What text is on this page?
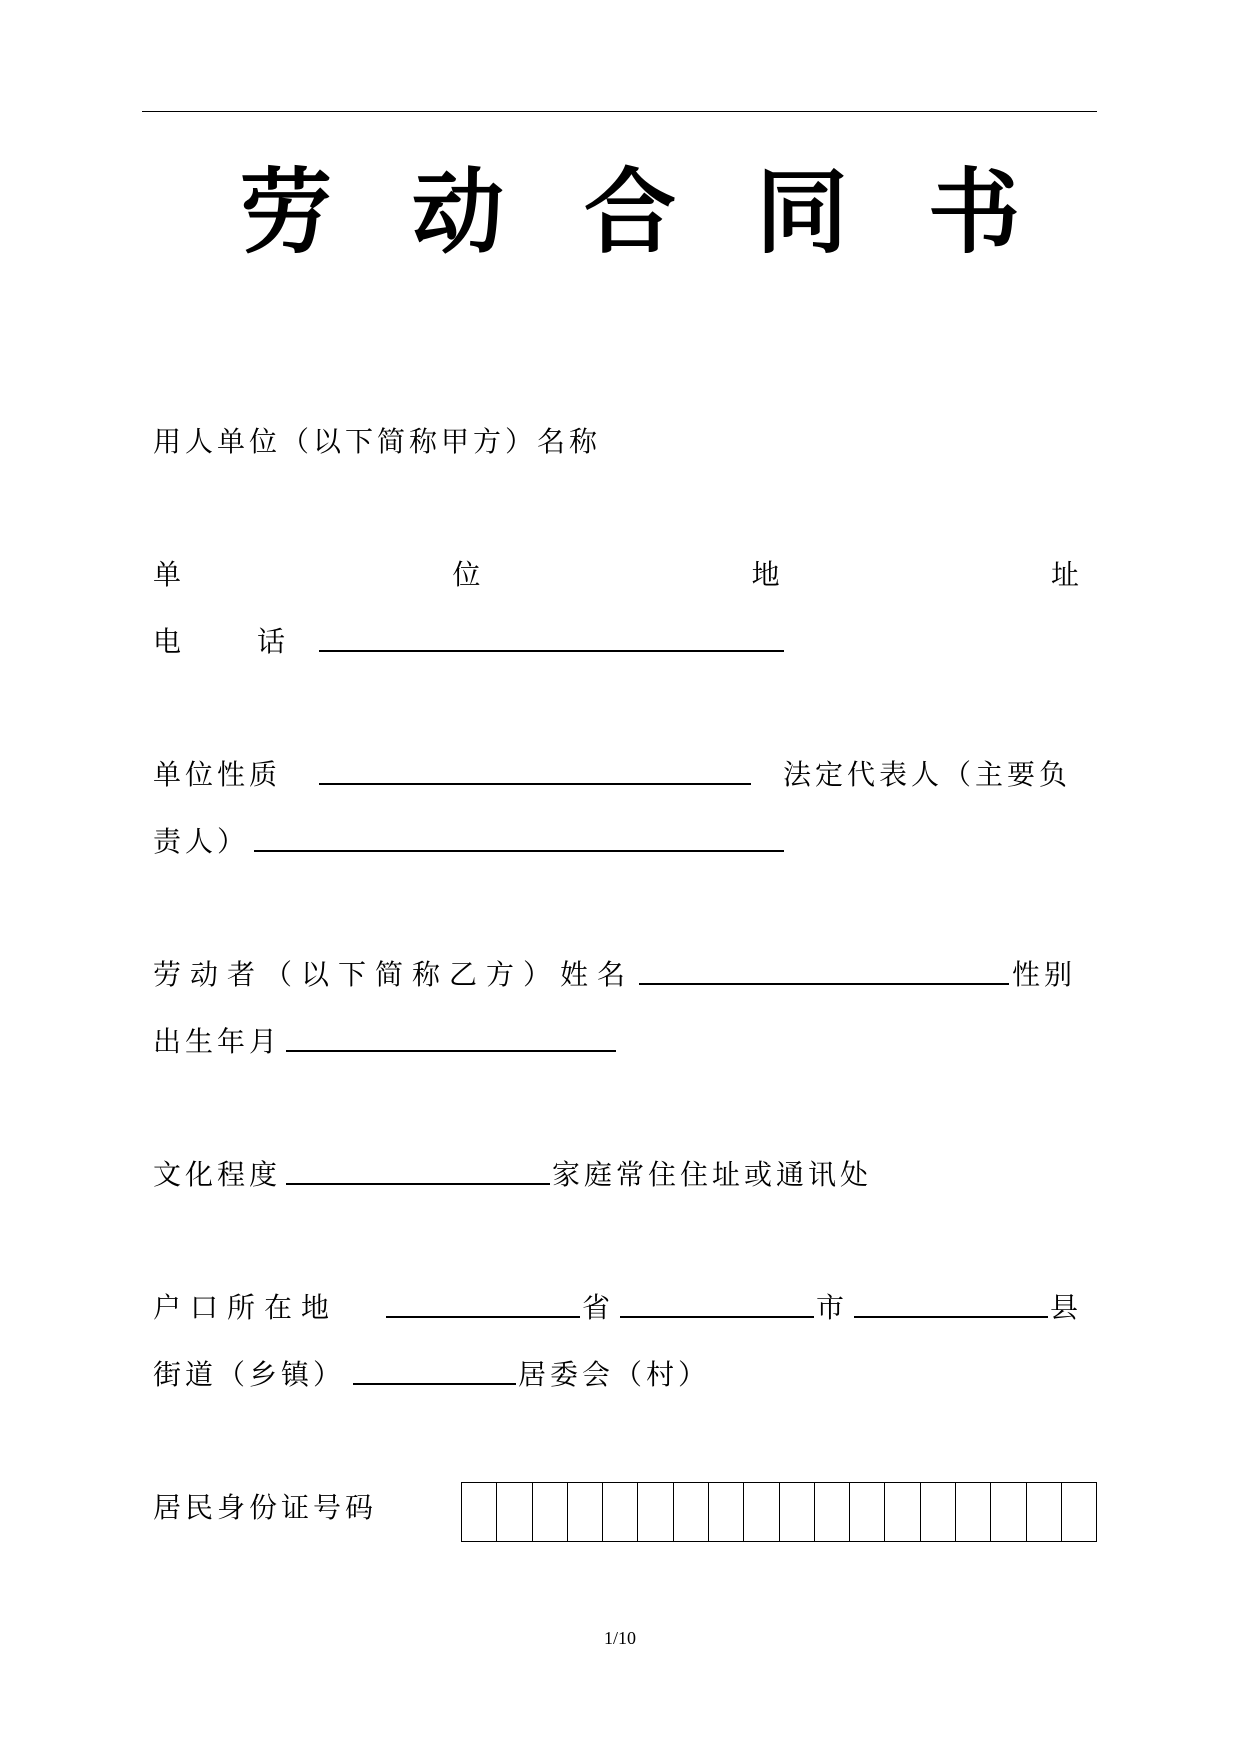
劳 动 合 同 书
用人单位（以下简称甲方）名称
单	位	地	址
电	话
单位性质	法定代表人（主要负
责人）
劳动者（以下简称乙方）姓名	性别
出生年月
文化程度	家庭常住住址或通讯处
户口所在地	省	市	县
街道（乡镇）	居委会（村）
居民身份证号码
1/10
